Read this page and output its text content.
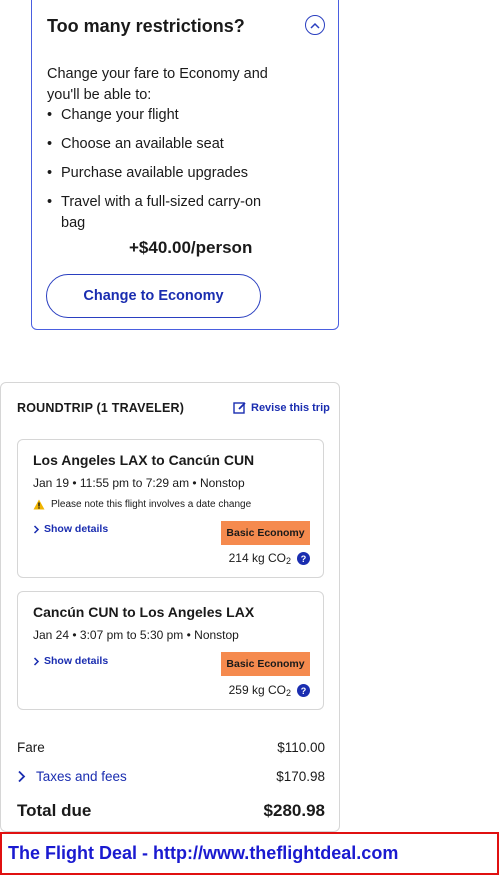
Too many restrictions?
Change your fare to Economy and you'll be able to:
• Change your flight
• Choose an available seat
• Purchase available upgrades
• Travel with a full-sized carry-on bag
+$40.00/person
Change to Economy
ROUNDTRIP (1 TRAVELER)	Revise this trip
Los Angeles LAX to Cancún CUN
Jan 19 • 11:55 pm to 7:29 am • Nonstop
Please note this flight involves a date change
Show details	Basic Economy
214 kg $CO_2$	?
Cancún CUN to Los Angeles LAX
Jan 24 • 3:07 pm to 5:30 pm • Nonstop
Show details	Basic Economy
259 kg $CO_2$	?
Fare	$110.00
Taxes and fees	$170.98
Total due	$280.98
The Flight Deal - http://www.theflightdeal.com
